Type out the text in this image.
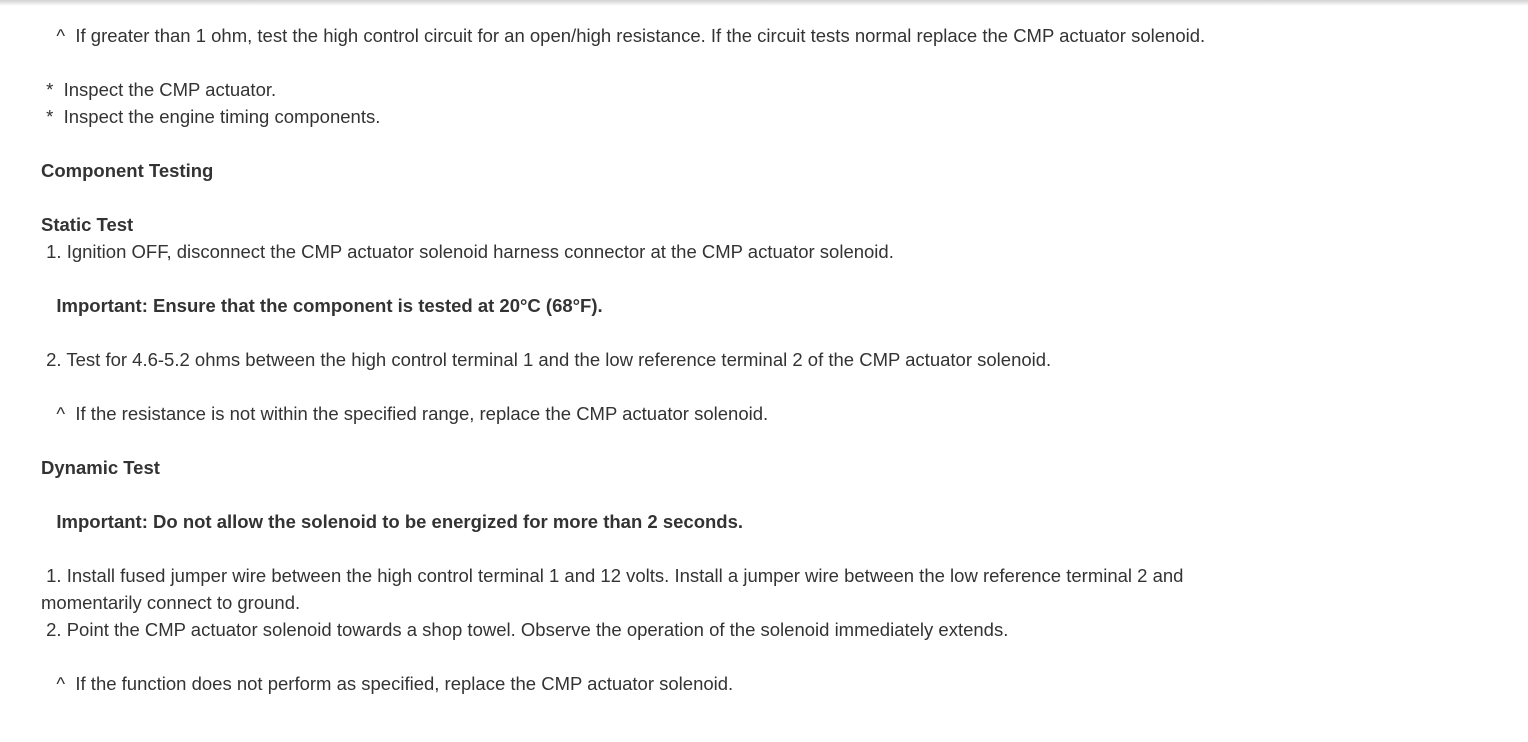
^  If greater than 1 ohm, test the high control circuit for an open/high resistance. If the circuit tests normal replace the CMP actuator solenoid.
*  Inspect the CMP actuator.
*  Inspect the engine timing components.
Component Testing
Static Test
1. Ignition OFF, disconnect the CMP actuator solenoid harness connector at the CMP actuator solenoid.
Important: Ensure that the component is tested at 20°C (68°F).
2. Test for 4.6-5.2 ohms between the high control terminal 1 and the low reference terminal 2 of the CMP actuator solenoid.
^  If the resistance is not within the specified range, replace the CMP actuator solenoid.
Dynamic Test
Important: Do not allow the solenoid to be energized for more than 2 seconds.
1. Install fused jumper wire between the high control terminal 1 and 12 volts. Install a jumper wire between the low reference terminal 2 and momentarily connect to ground.
2. Point the CMP actuator solenoid towards a shop towel. Observe the operation of the solenoid immediately extends.
^  If the function does not perform as specified, replace the CMP actuator solenoid.
